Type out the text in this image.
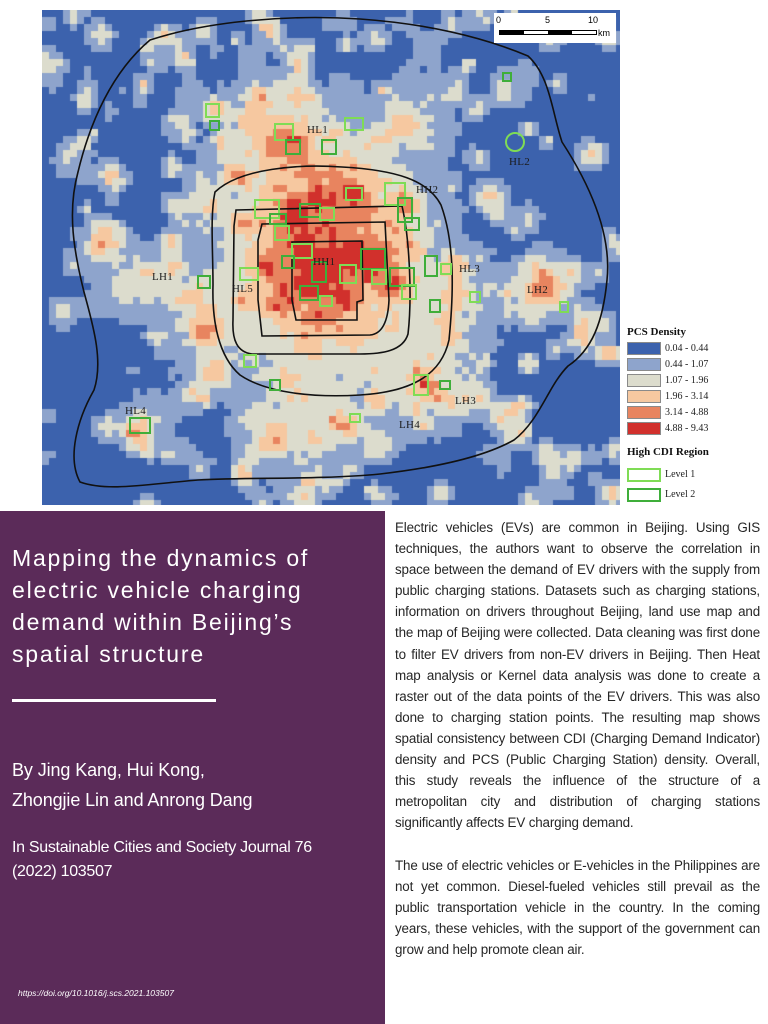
HL1
HL2
HH2
HH1
HL3
LH2
LH1
HL5
HL4
LH3
LH4
0	5	10
km
PCS Density
0.04 - 0.44
0.44 - 1.07
1.07 - 1.96
1.96 - 3.14
3.14 - 4.88
4.88 - 9.43
High CDI Region
Level 1
Level 2
Mapping the dynamics of
electric vehicle charging
demand within Beijing’s
spatial structure
By Jing Kang, Hui Kong,
Zhongjie Lin and Anrong Dang
In Sustainable Cities and Society Journal 76
(2022) 103507
https://doi.org/10.1016/j.scs.2021.103507

Electric vehicles (EVs) are common in Beijing. Using GIS techniques, the authors want to observe the correlation in space between the demand of EV drivers with the supply from public charging stations. Datasets such as charging stations, information on drivers throughout Beijing, land use map and the map of Beijing were collected. Data cleaning was first done to filter EV drivers from non-EV drivers in Beijing. Then Heat map analysis or Kernel data analysis was done to create a raster out of the data points of the EV drivers. This was also done to charging station points. The resulting map shows spatial consistency between CDI (Charging Demand Indicator) density and PCS (Public Charging Station) density. Overall, this study reveals the influence of the structure of a metropolitan city and distribution of charging stations significantly affects EV charging demand.

The use of electric vehicles or E-vehicles in the Philippines are not yet common. Diesel-fueled vehicles still prevail as the public transportation vehicle in the country. In the coming years, these vehicles, with the support of the government can grow and help promote clean air.
